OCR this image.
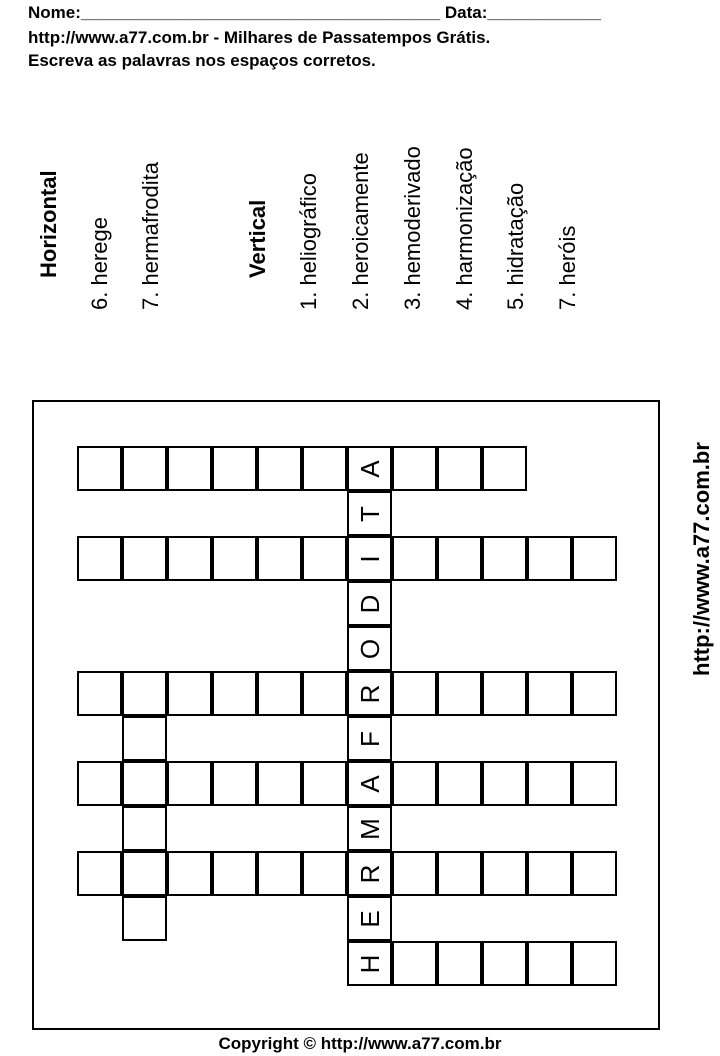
Nome:______________________________________ Data:____________
http://www.a77.com.br - Milhares de Passatempos Grátis.
Escreva as palavras nos espaços corretos.
Horizontal 6. herege 7. hermafrodita	Vertical 1. heliográfico 2. heroicamente 3. hemoderivado 4. harmonização 5. hidratação 7. heróis
A
T
I
D
O
R
F
A
M
R
E
H
http://www.a77.com.br
Copyright © http://www.a77.com.br
